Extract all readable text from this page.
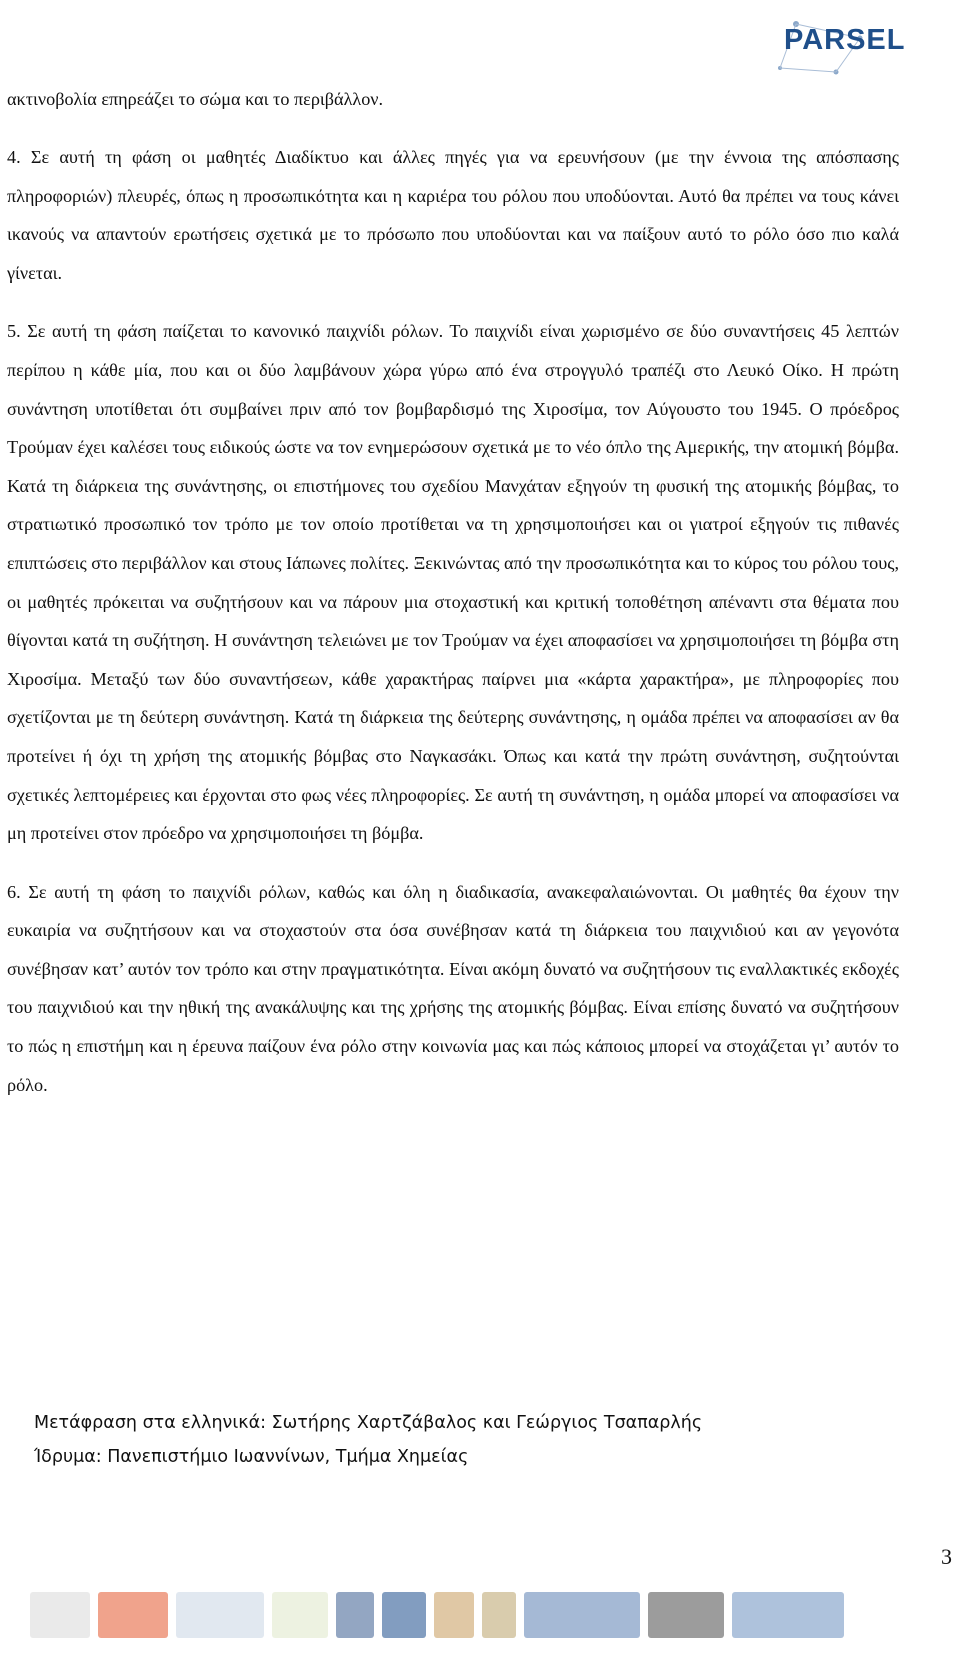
PARSEL

ακτινοβολία επηρεάζει το σώμα και το περιβάλλον.

4. Σε αυτή τη φάση οι μαθητές Διαδίκτυο και άλλες πηγές για να ερευνήσουν (με την έννοια της απόσπασης πληροφοριών) πλευρές, όπως η προσωπικότητα και η καριέρα του ρόλου που υποδύονται. Αυτό θα πρέπει να τους κάνει ικανούς να απαντούν ερωτήσεις σχετικά με το πρόσωπο που υποδύονται και να παίξουν αυτό το ρόλο όσο πιο καλά γίνεται.

5. Σε αυτή τη φάση παίζεται το κανονικό παιχνίδι ρόλων. Το παιχνίδι είναι χωρισμένο σε δύο συναντήσεις 45 λεπτών περίπου η κάθε μία, που και οι δύο λαμβάνουν χώρα γύρω από ένα στρογγυλό τραπέζι στο Λευκό Οίκο. Η πρώτη συνάντηση υποτίθεται ότι συμβαίνει πριν από τον βομβαρδισμό της Χιροσίμα, τον Αύγουστο του 1945. Ο πρόεδρος Τρούμαν έχει καλέσει τους ειδικούς ώστε να τον ενημερώσουν σχετικά με το νέο όπλο της Αμερικής, την ατομική βόμβα. Κατά τη διάρκεια της συνάντησης, οι επιστήμονες του σχεδίου Μανχάταν εξηγούν τη φυσική της ατομικής βόμβας, το στρατιωτικό προσωπικό τον τρόπο με τον οποίο προτίθεται να τη χρησιμοποιήσει και οι γιατροί εξηγούν τις πιθανές επιπτώσεις στο περιβάλλον και στους Ιάπωνες πολίτες. Ξεκινώντας από την προσωπικότητα και το κύρος του ρόλου τους, οι μαθητές πρόκειται να συζητήσουν και να πάρουν μια στοχαστική και κριτική τοποθέτηση απέναντι στα θέματα που θίγονται κατά τη συζήτηση. Η συνάντηση τελειώνει με τον Τρούμαν να έχει αποφασίσει να χρησιμοποιήσει τη βόμβα στη Χιροσίμα. Μεταξύ των δύο συναντήσεων, κάθε χαρακτήρας παίρνει μια «κάρτα χαρακτήρα», με πληροφορίες που σχετίζονται με τη δεύτερη συνάντηση. Κατά τη διάρκεια της δεύτερης συνάντησης, η ομάδα πρέπει να αποφασίσει αν θα προτείνει ή όχι τη χρήση της ατομικής βόμβας στο Ναγκασάκι. Όπως και κατά την πρώτη συνάντηση, συζητούνται σχετικές λεπτομέρειες και έρχονται στο φως νέες πληροφορίες. Σε αυτή τη συνάντηση, η ομάδα μπορεί να αποφασίσει να μη προτείνει στον πρόεδρο να χρησιμοποιήσει τη βόμβα.

6. Σε αυτή τη φάση το παιχνίδι ρόλων, καθώς και όλη η διαδικασία, ανακεφαλαιώνονται. Οι μαθητές θα έχουν την ευκαιρία να συζητήσουν και να στοχαστούν στα όσα συνέβησαν κατά τη διάρκεια του παιχνιδιού και αν γεγονότα συνέβησαν κατ’ αυτόν τον τρόπο και στην πραγματικότητα. Είναι ακόμη δυνατό να συζητήσουν τις εναλλακτικές εκδοχές του παιχνιδιού και την ηθική της ανακάλυψης και της χρήσης της ατομικής βόμβας. Είναι επίσης δυνατό να συζητήσουν το πώς η επιστήμη και η έρευνα παίζουν ένα ρόλο στην κοινωνία μας και πώς κάποιος μπορεί να στοχάζεται γι’ αυτόν το ρόλο.

Μετάφραση στα ελληνικά: Σωτήρης Χαρτζάβαλος και Γεώργιος Τσαπαρλής
Ίδρυμα: Πανεπιστήμιο Ιωαννίνων, Τμήμα Χημείας
3
